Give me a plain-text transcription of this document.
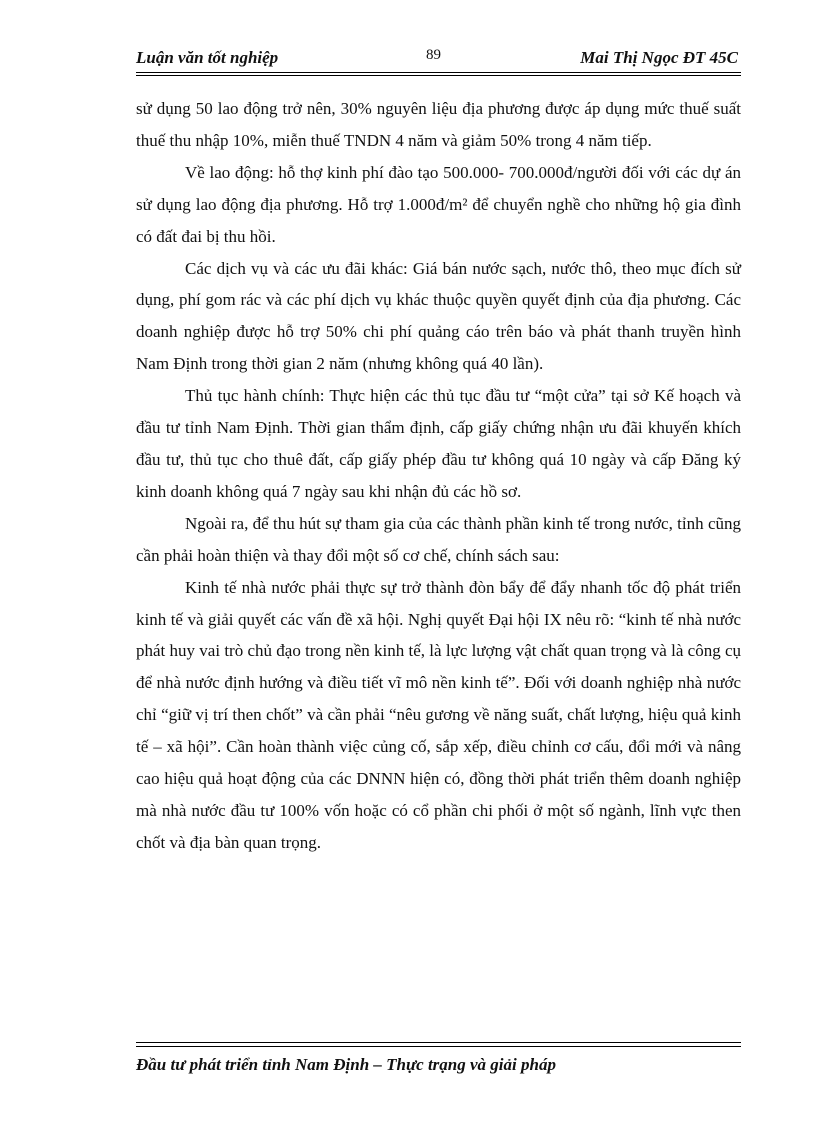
Luận văn tốt nghiệp	89	Mai Thị Ngọc ĐT 45C

sử dụng 50 lao động trở nên, 30% nguyên liệu địa phương được áp dụng mức thuế suất thuế thu nhập 10%, miễn thuế TNDN 4 năm và giảm 50% trong 4 năm tiếp.

Về lao động: hỗ thợ kinh phí đào tạo 500.000- 700.000đ/người đối với các dự án sử dụng lao động địa phương. Hỗ trợ 1.000đ/m² để chuyển nghề cho những hộ gia đình có đất đai bị thu hồi.

Các dịch vụ và các ưu đãi khác: Giá bán nước sạch, nước thô, theo mục đích sử dụng, phí gom rác và các phí dịch vụ khác thuộc quyền quyết định của địa phương. Các doanh nghiệp được hỗ trợ 50% chi phí quảng cáo trên báo và phát thanh truyền hình Nam Định trong thời gian 2 năm (nhưng không quá 40 lần).

Thủ tục hành chính: Thực hiện các thủ tục đầu tư “một cửa” tại sở Kế hoạch và đầu tư tỉnh Nam Định. Thời gian thẩm định, cấp giấy chứng nhận ưu đãi khuyến khích đầu tư, thủ tục cho thuê đất, cấp giấy phép đầu tư không quá 10 ngày và cấp Đăng ký kinh doanh không quá 7 ngày sau khi nhận đủ các hồ sơ.

Ngoài ra, để thu hút sự tham gia của các thành phần kinh tế trong nước, tỉnh cũng cần phải hoàn thiện và thay đổi một số cơ chế, chính sách sau:

Kinh tế nhà nước phải thực sự trở thành đòn bẩy để đẩy nhanh tốc độ phát triển kinh tế và giải quyết các vấn đề xã hội. Nghị quyết Đại hội IX nêu rõ: “kinh tế nhà nước phát huy vai trò chủ đạo trong nền kinh tế, là lực lượng vật chất quan trọng và là công cụ để nhà nước định hướng và điều tiết vĩ mô nền kinh tế”. Đối với doanh nghiệp nhà nước chỉ “giữ vị trí then chốt” và cần phải “nêu gương về năng suất, chất lượng, hiệu quả kinh tế – xã hội”. Cần hoàn thành việc củng cố, sắp xếp, điều chỉnh cơ cấu, đổi mới và nâng cao hiệu quả hoạt động của các DNNN hiện có, đồng thời phát triển thêm doanh nghiệp mà nhà nước đầu tư 100% vốn hoặc có cổ phần chi phối ở một số ngành, lĩnh vực then chốt và địa bàn quan trọng.

Đầu tư phát triển tỉnh Nam Định – Thực trạng và giải pháp
